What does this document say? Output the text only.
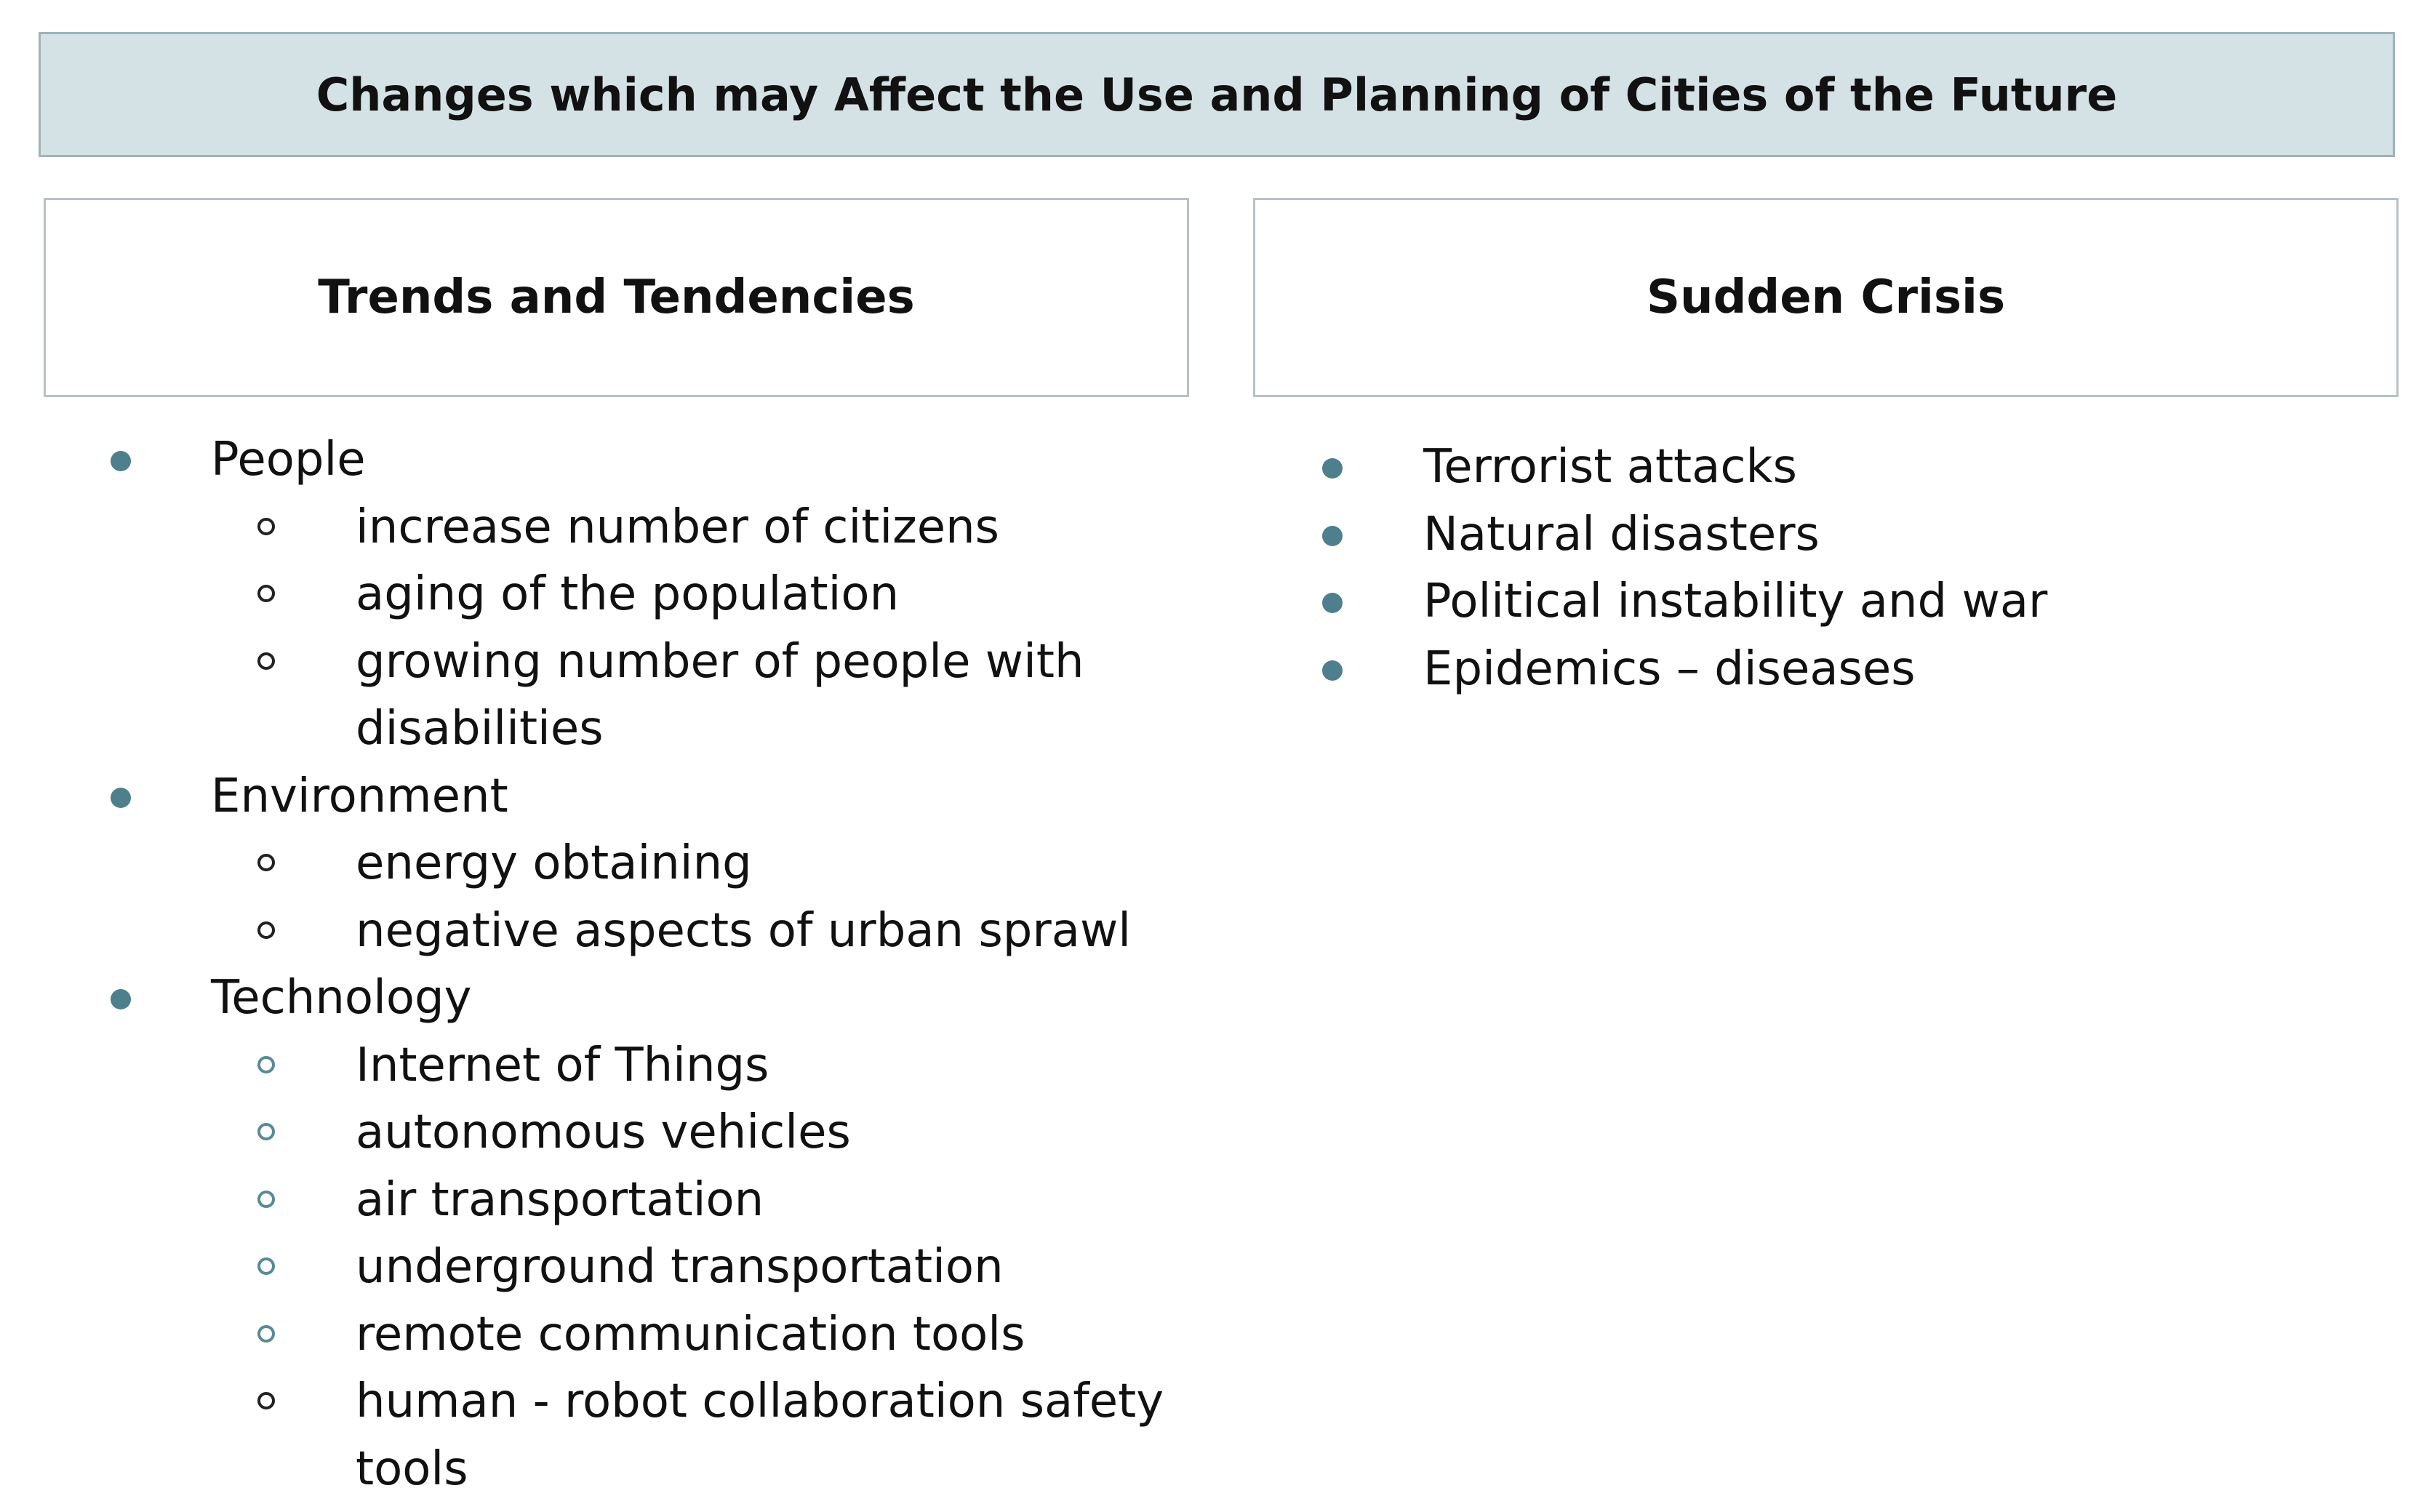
Changes which may Affect the Use and Planning of Cities of the Future
Trends and Tendencies	Sudden Crisis
People
increase number of citizens
aging of the population
growing number of people with disabilities
Environment
energy obtaining
negative aspects of urban sprawl
Technology
Internet of Things
autonomous vehicles
air transportation
underground transportation
remote communication tools
human - robot collaboration safety tools
Terrorist attacks
Natural disasters
Political instability and war
Epidemics – diseases
